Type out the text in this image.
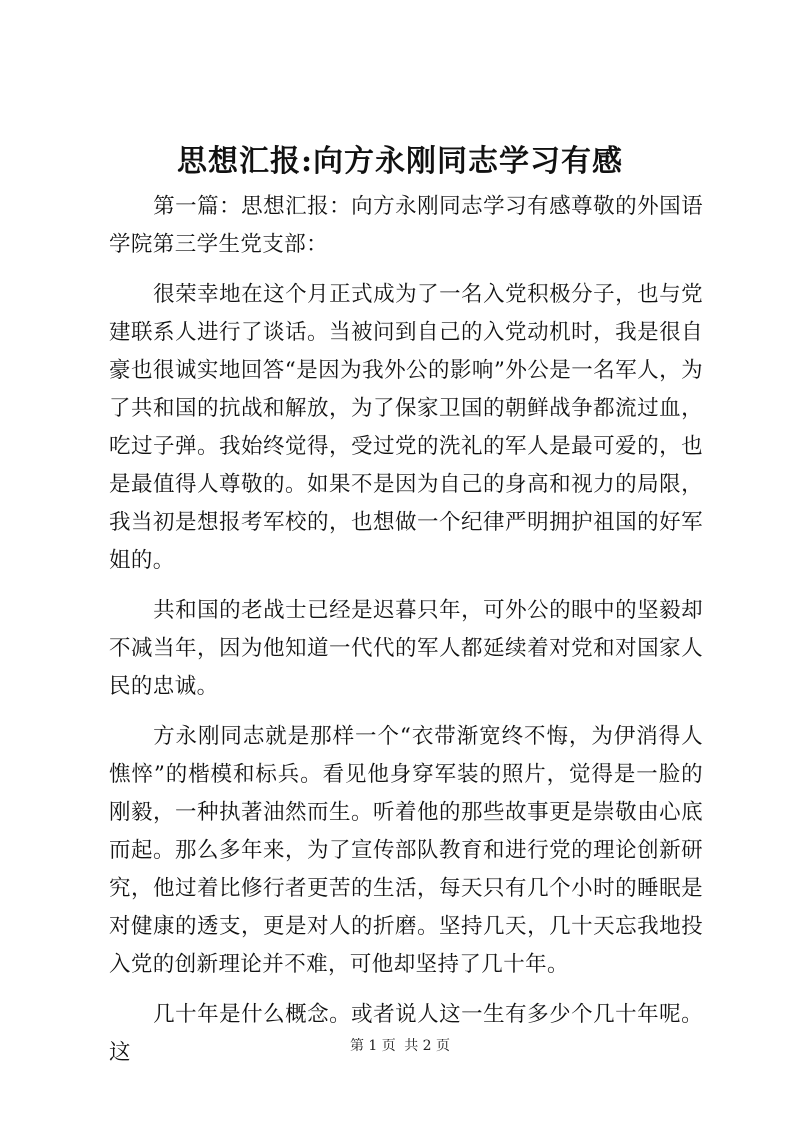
思想汇报:向方永刚同志学习有感

第一篇：思想汇报：向方永刚同志学习有感尊敬的外国语学院第三学生党支部：

很荣幸地在这个月正式成为了一名入党积极分子，也与党建联系人进行了谈话。当被问到自己的入党动机时，我是很自豪也很诚实地回答“是因为我外公的影响”外公是一名军人，为了共和国的抗战和解放，为了保家卫国的朝鲜战争都流过血，吃过子弹。我始终觉得，受过党的洗礼的军人是最可爱的，也是最值得人尊敬的。如果不是因为自己的身高和视力的局限，我当初是想报考军校的，也想做一个纪律严明拥护祖国的好军姐的。

共和国的老战士已经是迟暮只年，可外公的眼中的坚毅却不减当年，因为他知道一代代的军人都延续着对党和对国家人民的忠诚。

方永刚同志就是那样一个“衣带渐宽终不悔，为伊消得人憔悴”的楷模和标兵。看见他身穿军装的照片，觉得是一脸的刚毅，一种执著油然而生。听着他的那些故事更是崇敬由心底而起。那么多年来，为了宣传部队教育和进行党的理论创新研究，他过着比修行者更苦的生活，每天只有几个小时的睡眠是对健康的透支，更是对人的折磨。坚持几天，几十天忘我地投入党的创新理论并不难，可他却坚持了几十年。

几十年是什么概念。或者说人这一生有多少个几十年呢。这	第 1 页 共 2 页
